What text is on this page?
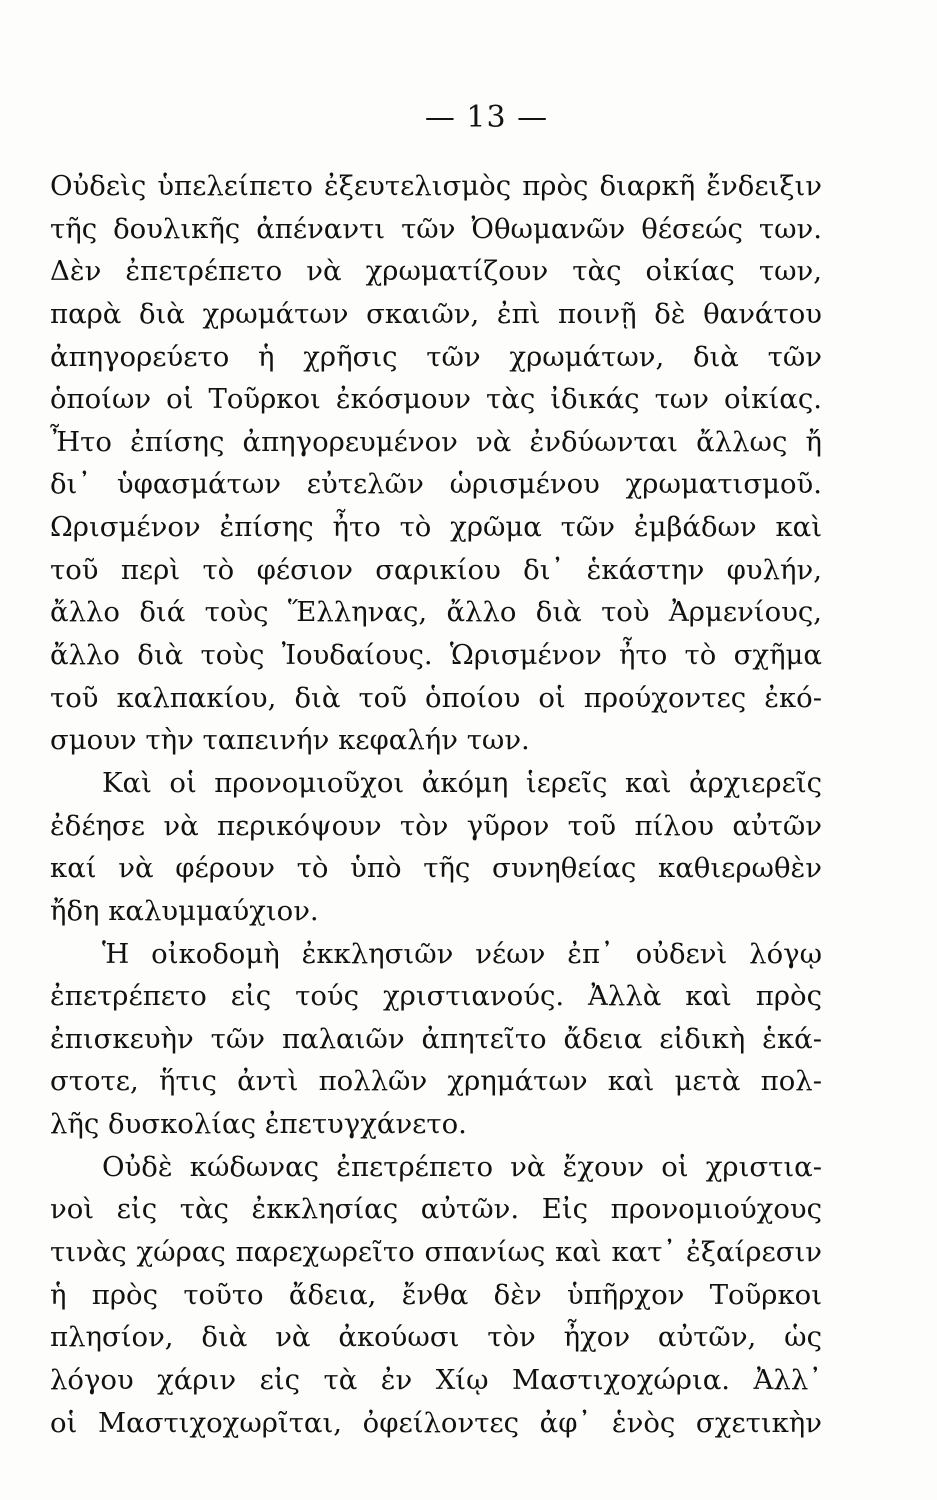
— 13 —
Οὐδεὶς ὑπελείπετο ἐξευτελισμὸς πρὸς διαρκῆ ἔνδειξιν
τῆς δουλικῆς ἀπέναντι τῶν Ὀθωμανῶν θέσεώς των.
Δὲν ἐπετρέπετο νὰ χρωματίζουν τὰς οἰκίας των,
παρὰ διὰ χρωμάτων σκαιῶν, ἐπὶ ποινῇ δὲ θανάτου
ἀπηγορεύετο ἡ χρῆσις τῶν χρωμάτων, διὰ τῶν
ὁποίων οἱ Τοῦρκοι ἐκόσμουν τὰς ἰδικάς των οἰκίας.
Ἦτο ἐπίσης ἀπηγορευμένον νὰ ἐνδύωνται ἄλλως ἤ
δι᾿ ὑφασμάτων εὐτελῶν ὡρισμένου χρωματισμοῦ.
Ωρισμένον ἐπίσης ἦτο τὸ χρῶμα τῶν ἐμβάδων καὶ
τοῦ περὶ τὸ φέσιον σαρικίου δι᾿ ἑκάστην φυλήν,
ἄλλο διά τοὺς Ἕλληνας, ἄλλο διὰ τοὺ Ἀρμενίους,
ἄλλο διὰ τοὺς Ἰουδαίους. Ὡρισμένον ἦτο τὸ σχῆμα
τοῦ καλπακίου, διὰ τοῦ ὁποίου οἱ προύχοντες ἐκό-
σμουν τὴν ταπεινήν κεφαλήν των.
Καὶ οἱ προνομιοῦχοι ἀκόμη ἱερεῖς καὶ ἀρχιερεῖς
ἐδέησε νὰ περικόψουν τὸν γῦρον τοῦ πίλου αὐτῶν
καί νὰ φέρουν τὸ ὑπὸ τῆς συνηθείας καθιερωθὲν
ἤδη καλυμμαύχιον.
Ἡ οἰκοδομὴ ἐκκλησιῶν νέων ἐπ᾿ οὐδενὶ λόγῳ
ἐπετρέπετο εἰς τούς χριστιανούς. Ἀλλὰ καὶ πρὸς
ἐπισκευὴν τῶν παλαιῶν ἀπητεῖτο ἄδεια εἰδικὴ ἑκά-
στοτε, ἥτις ἀντὶ πολλῶν χρημάτων καὶ μετὰ πολ-
λῆς δυσκολίας ἐπετυγχάνετο.
Οὐδὲ κώδωνας ἐπετρέπετο νὰ ἔχουν οἱ χριστια-
νοὶ εἰς τὰς ἐκκλησίας αὐτῶν. Εἰς προνομιούχους
τινὰς χώρας παρεχωρεῖτο σπανίως καὶ κατ᾿ ἐξαίρεσιν
ἡ πρὸς τοῦτο ἄδεια, ἔνθα δὲν ὑπῆρχον Τοῦρκοι
πλησίον, διὰ νὰ ἀκούωσι τὸν ἦχον αὐτῶν, ὡς
λόγου χάριν εἰς τὰ ἐν Χίῳ Μαστιχοχώρια. Ἀλλ᾿
οἱ Μαστιχοχωρῖται, ὀφείλοντες ἀφ᾿ ἑνὸς σχετικὴν
